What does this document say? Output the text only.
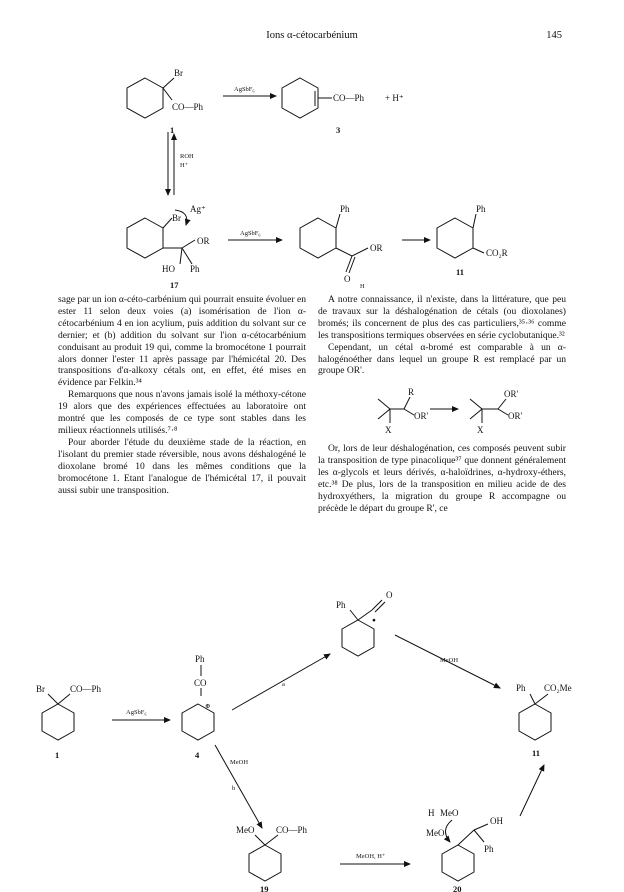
Ions α-cétocarbénium	145
Br
CO—Ph
1
AgSbF₆
CO—Ph + H⁺
3
ROH
H⁺
Ag⁺
Br
OR
HO Ph
17
AgSbF₆
Ph
OR
O
H
Ph
CO₂R
11

sage par un ion α-céto-carbénium qui pourrait ensuite évoluer en ester 11 selon deux voies (a) isomérisation de l'ion α-cétocarbénium 4 en ion acylium, puis addition du solvant sur ce dernier; et (b) addition du solvant sur l'ion α-cétocarbénium conduisant au produit 19 qui, comme la bromocétone 1 pourrait alors donner l'ester 11 après passage par l'hémicétal 20. Des transpositions d'α-alkoxy cétals ont, en effet, été mises en évidence par Felkin.³⁴

Remarquons que nous n'avons jamais isolé la méthoxy-cétone 19 alors que des expériences effectuées au laboratoire ont montré que les composés de ce type sont stables dans les milieux réactionnels utilisés.⁷·⁸

Pour aborder l'étude du deuxième stade de la réaction, en l'isolant du premier stade réversible, nous avons déshalogéné le dioxolane bromé 10 dans les mêmes conditions que la bromocétone 1. Etant l'analogue de l'hémicétal 17, il pouvait aussi subir une transposition.

A notre connaissance, il n'existe, dans la littérature, que peu de travaux sur la déshalogénation de cétals (ou dioxolanes) bromés; ils concernent de plus des cas particuliers,³⁵·³⁶ comme les transpositions termiques observées en série cyclobutanique.³²

Cependant, un cétal α-bromé est comparable à un α-halogénoéther dans lequel un groupe R est remplacé par un groupe OR'.

R
OR'
X
OR'
OR'
X

Or, lors de leur déshalogénation, ces composés peuvent subir la transposition de type pinacolique³⁷ que donnent généralement les α-glycols et leurs dérivés, α-haloïdrines, α-hydroxy-éthers, etc.³⁸ De plus, lors de la transposition en milieu acide de des hydroxyéthers, la migration du groupe R accompagne ou précède le départ du groupe R', ce

Br	CO—Ph
1
AgSbF₆
Ph
CO
⊕
4
a
b
Ph
O
●
MeOH
MeOH
Ph CO₂Me
11
MeO CO—Ph
19
MeOH, H⁺
H MeO
MeO
OH
Ph
20
